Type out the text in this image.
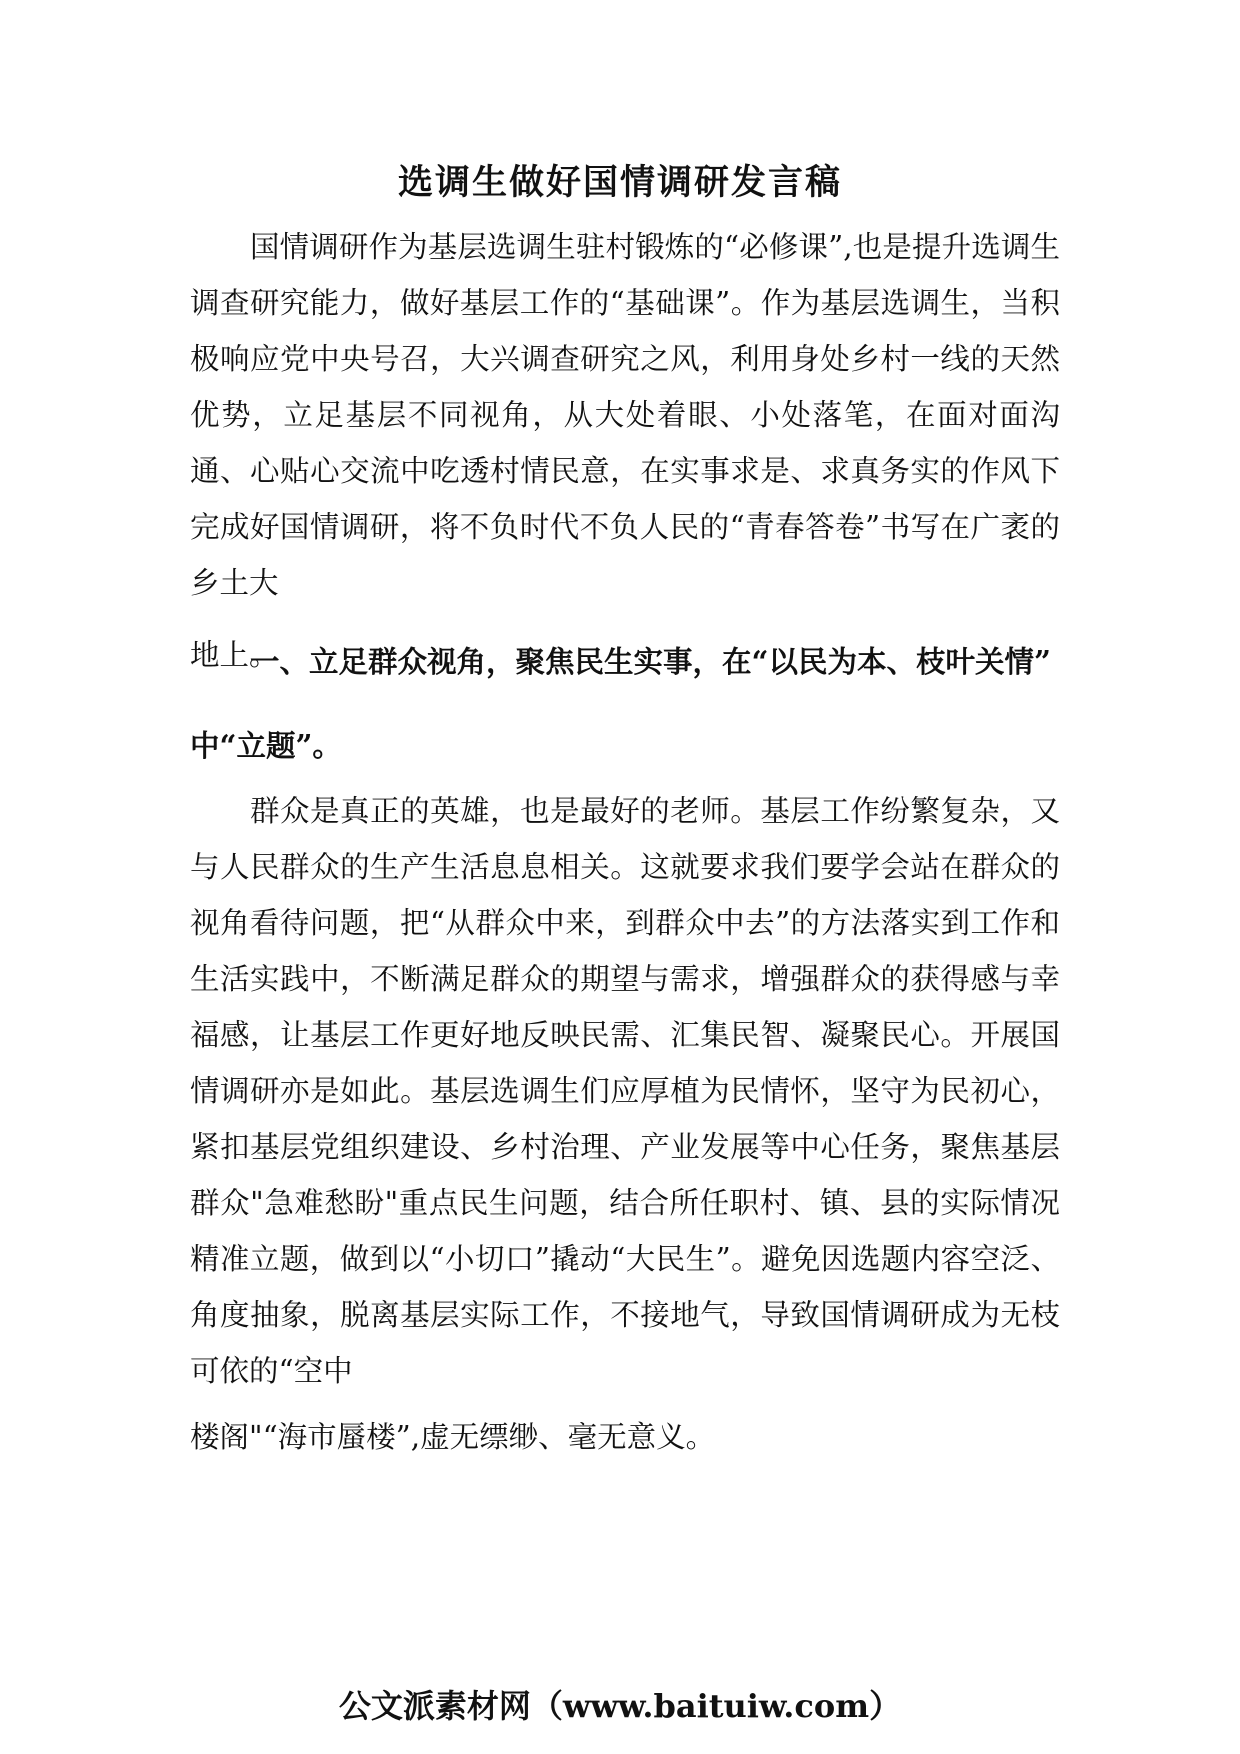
选调生做好国情调研发言稿

国情调研作为基层选调生驻村锻炼的“必修课”,也是提升选调生调查研究能力，做好基层工作的“基础课”。作为基层选调生，当积极响应党中央号召，大兴调查研究之风，利用身处乡村一线的天然优势，立足基层不同视角，从大处着眼、小处落笔，在面对面沟通、心贴心交流中吃透村情民意，在实事求是、求真务实的作风下完成好国情调研，将不负时代不负人民的“青春答卷”书写在广袤的乡土大
地上。

一、立足群众视角，聚焦民生实事，在“以民为本、枝叶关情”
中“立题”。

群众是真正的英雄，也是最好的老师。基层工作纷繁复杂，又与人民群众的生产生活息息相关。这就要求我们要学会站在群众的视角看待问题，把“从群众中来，到群众中去”的方法落实到工作和生活实践中，不断满足群众的期望与需求，增强群众的获得感与幸福感，让基层工作更好地反映民需、汇集民智、凝聚民心。开展国情调研亦是如此。基层选调生们应厚植为民情怀，坚守为民初心，紧扣基层党组织建设、乡村治理、产业发展等中心任务，聚焦基层群众"急难愁盼"重点民生问题，结合所任职村、镇、县的实际情况精准立题，做到以“小切口”撬动“大民生”。避免因选题内容空泛、角度抽象，脱离基层实际工作，不接地气，导致国情调研成为无枝可依的“空中
楼阁"“海市蜃楼”,虚无缥缈、毫无意义。

公文派素材网（www.baituiw.com）
